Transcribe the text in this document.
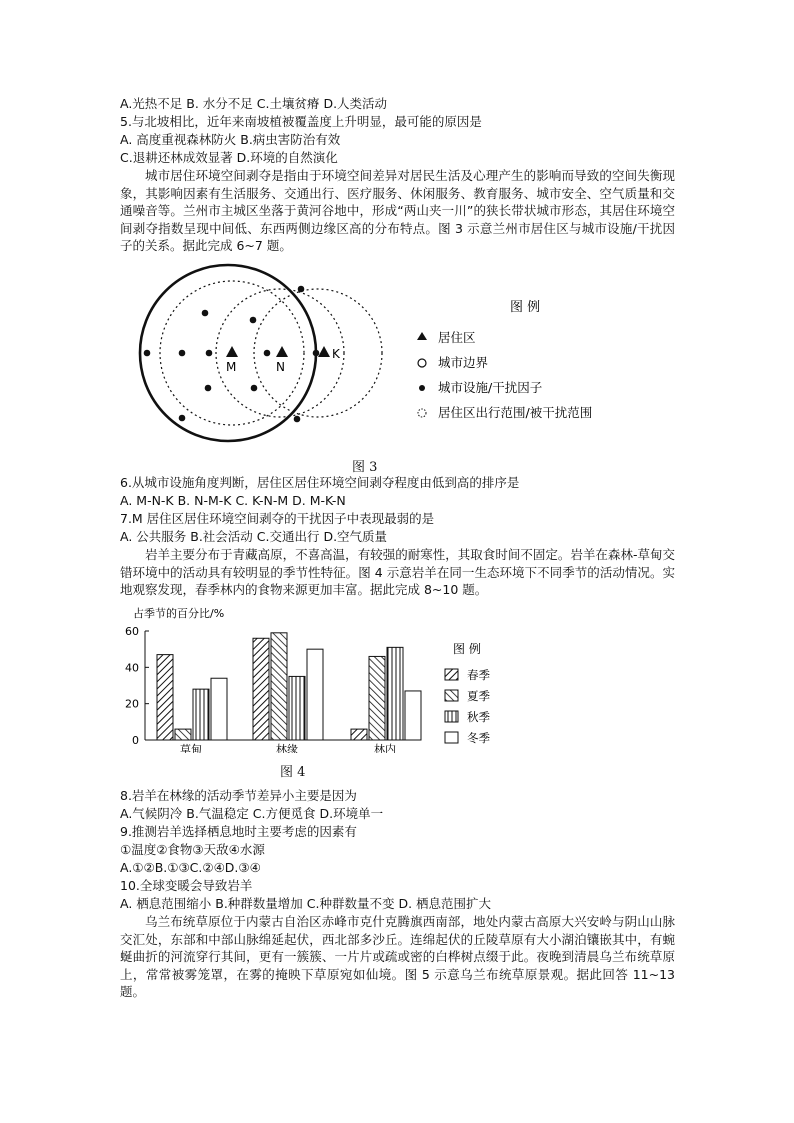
A.光热不足 B. 水分不足 C.土壤贫瘠 D.人类活动
5.与北坡相比，近年来南坡植被覆盖度上升明显，最可能的原因是
A. 高度重视森林防火 B.病虫害防治有效
C.退耕还林成效显著 D.环境的自然演化
城市居住环境空间剥夺是指由于环境空间差异对居民生活及心理产生的影响而导致的空间失衡现象，其影响因素有生活服务、交通出行、医疗服务、休闲服务、教育服务、城市安全、空气质量和交通噪音等。兰州市主城区坐落于黄河谷地中，形成“两山夹一川”的狭长带状城市形态，其居住环境空间剥夺指数呈现中间低、东西两侧边缘区高的分布特点。图 3 示意兰州市居住区与城市设施/干扰因子的关系。据此完成 6~7 题。
M	N
K
图 例
居住区
城市边界
城市设施/干扰因子
居住区出行范围/被干扰范围
图 3
6.从城市设施角度判断，居住区居住环境空间剥夺程度由低到高的排序是
A. M-N-K B. N-M-K C. K-N-M D. M-K-N
7.M 居住区居住环境空间剥夺的干扰因子中表现最弱的是
A. 公共服务 B.社会活动 C.交通出行 D.空气质量
岩羊主要分布于青藏高原，不喜高温，有较强的耐寒性，其取食时间不固定。岩羊在森林-草甸交错环境中的活动具有较明显的季节性特征。图 4 示意岩羊在同一生态环境下不同季节的活动情况。实地观察发现，春季林内的食物来源更加丰富。据此完成 8~10 题。
占季节的百分比/%
0
20
40
60
草甸	林缘	林内
图 例
春季
夏季
秋季
冬季
图 4
8.岩羊在林缘的活动季节差异小主要是因为
A.气候阴冷 B.气温稳定 C.方便觅食 D.环境单一
9.推测岩羊选择栖息地时主要考虑的因素有
①温度②食物③天敌④水源
A.①②B.①③C.②④D.③④
10.全球变暖会导致岩羊
A. 栖息范围缩小 B.种群数量增加 C.种群数量不变 D. 栖息范围扩大
乌兰布统草原位于内蒙古自治区赤峰市克什克腾旗西南部，地处内蒙古高原大兴安岭与阴山山脉交汇处，东部和中部山脉绵延起伏，西北部多沙丘。连绵起伏的丘陵草原有大小湖泊镶嵌其中，有蜿蜒曲折的河流穿行其间，更有一簇簇、一片片或疏或密的白桦树点缀于此。夜晚到清晨乌兰布统草原上，常常被雾笼罩，在雾的掩映下草原宛如仙境。图 5 示意乌兰布统草原景观。据此回答 11~13 题。
